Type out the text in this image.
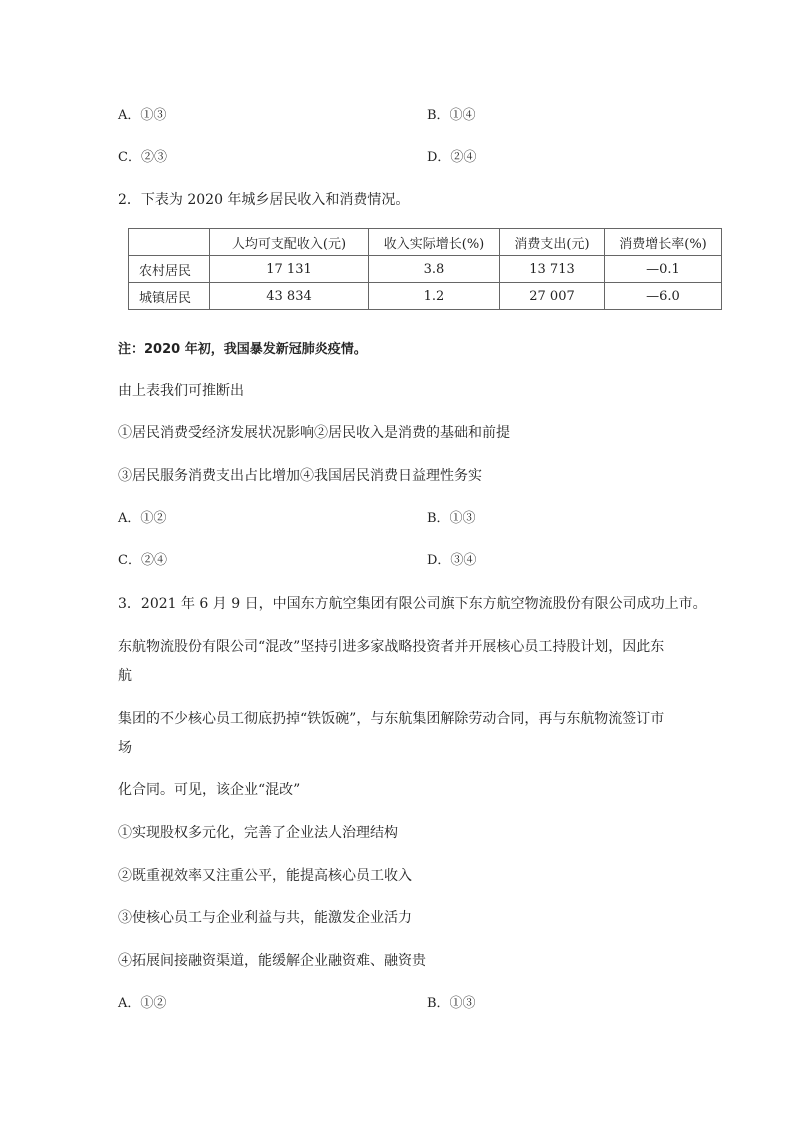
A．①③	B．①④
C．②③	D．②④
2．下表为 2020 年城乡居民收入和消费情况。
	人均可支配收入(元)	收入实际增长(%)	消费支出(元)	消费增长率(%)
农村居民	17 131	3.8	13 713	—0.1
城镇居民	43 834	1.2	27 007	—6.0
注：2020 年初，我国暴发新冠肺炎疫情。
由上表我们可推断出
①居民消费受经济发展状况影响②居民收入是消费的基础和前提
③居民服务消费支出占比增加④我国居民消费日益理性务实
A．①②	B．①③
C．②④	D．③④
3．2021 年 6 月 9 日，中国东方航空集团有限公司旗下东方航空物流股份有限公司成功上市。
东航物流股份有限公司“混改”坚持引进多家战略投资者并开展核心员工持股计划，因此东
航
集团的不少核心员工彻底扔掉“铁饭碗”，与东航集团解除劳动合同，再与东航物流签订市
场
化合同。可见，该企业“混改”
①实现股权多元化，完善了企业法人治理结构
②既重视效率又注重公平，能提高核心员工收入
③使核心员工与企业利益与共，能激发企业活力
④拓展间接融资渠道，能缓解企业融资难、融资贵
A．①②	B．①③
